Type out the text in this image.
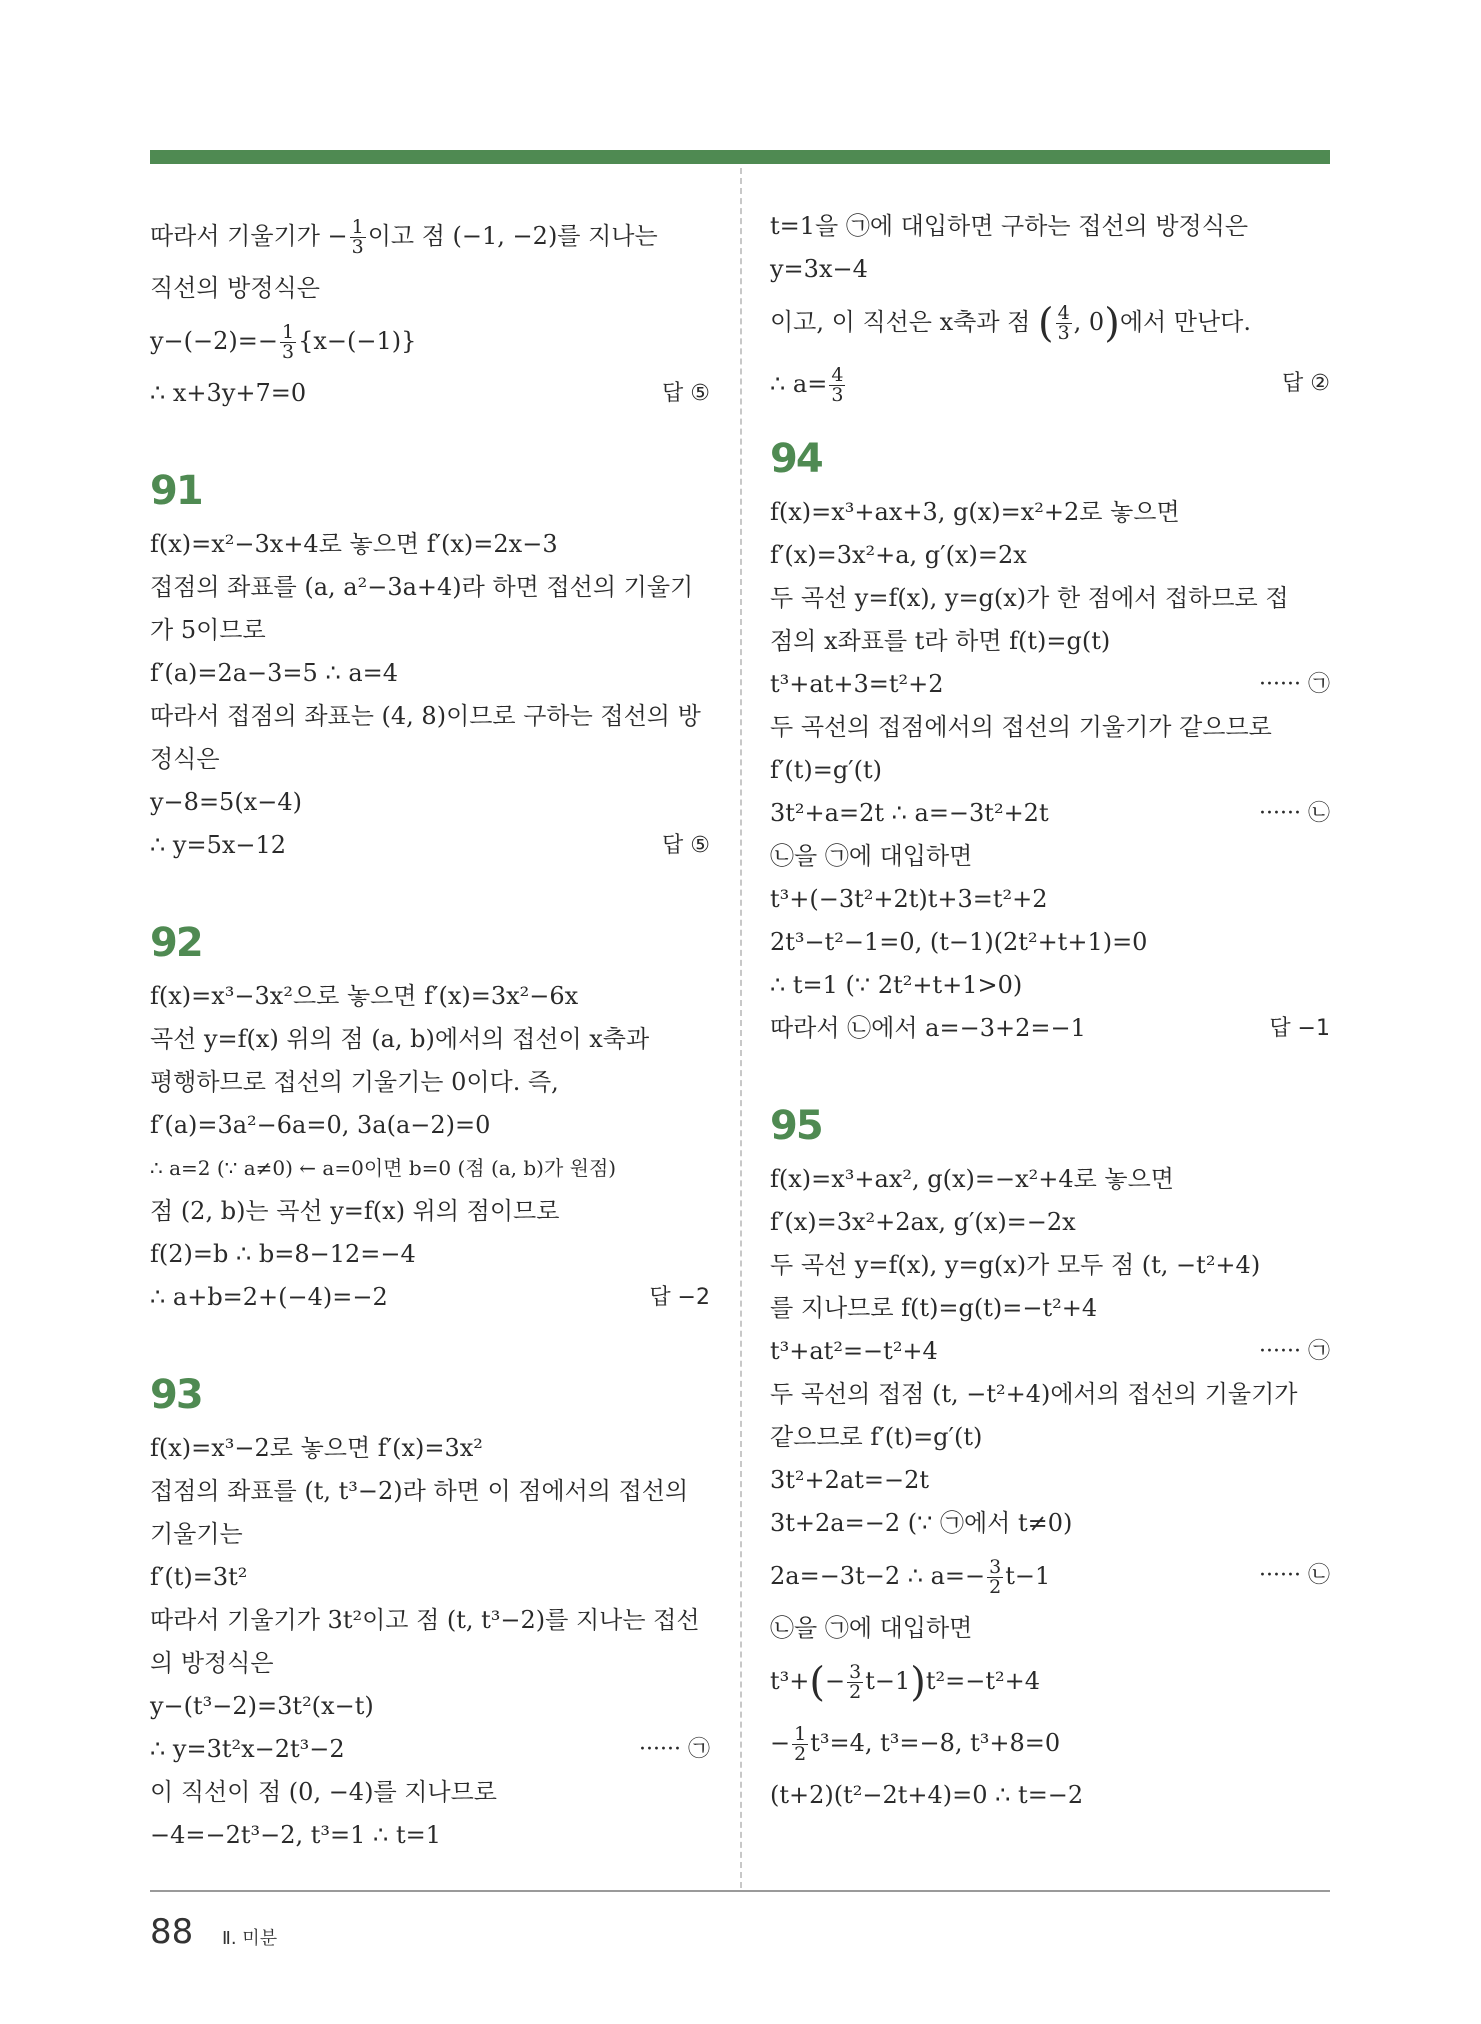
따라서 기울기가 − $\frac{1}{3}$ 이고 점 (−1, −2)를 지나는
직선의 방정식은
$y-(-2)=- \frac{1}{3} \{x-(-1)\}$
∴ x+3y+7=0	답 ⑤
91
f(x)=x²−3x+4로 놓으면 f′(x)=2x−3
접점의 좌표를 (a, a²−3a+4)라 하면 접선의 기울기
가 5이므로
f′(a)=2a−3=5 ∴ a=4
따라서 접점의 좌표는 (4, 8)이므로 구하는 접선의 방
정식은
y−8=5(x−4)
∴ y=5x−12	답 ⑤
92
f(x)=x³−3x²으로 놓으면 f′(x)=3x²−6x
곡선 y=f(x) 위의 점 (a, b)에서의 접선이 x축과
평행하므로 접선의 기울기는 0이다. 즉,
f′(a)=3a²−6a=0, 3a(a−2)=0
∴ a=2 (∵ a≠0) ← a=0이면 b=0 (점 (a, b)가 원점)
점 (2, b)는 곡선 y=f(x) 위의 점이므로
f(2)=b ∴ b=8−12=−4
∴ a+b=2+(−4)=−2	답 −2
93
f(x)=x³−2로 놓으면 f′(x)=3x²
접점의 좌표를 (t, t³−2)라 하면 이 점에서의 접선의
기울기는
f′(t)=3t²
따라서 기울기가 3t²이고 점 (t, t³−2)를 지나는 접선
의 방정식은
y−(t³−2)=3t²(x−t)
∴ y=3t²x−2t³−2	······ ㉠
이 직선이 점 (0, −4)를 지나므로
−4=−2t³−2, t³=1 ∴ t=1
t=1을 ㉠에 대입하면 구하는 접선의 방정식은
y=3x−4
이고, 이 직선은 x축과 점 ( $\frac{4}{3}$ , 0)에서 만난다.
∴ $a= \frac{4}{3}$	답 ②
94
f(x)=x³+ax+3, g(x)=x²+2로 놓으면
f′(x)=3x²+a, g′(x)=2x
두 곡선 y=f(x), y=g(x)가 한 점에서 접하므로 접
점의 x좌표를 t라 하면 f(t)=g(t)
t³+at+3=t²+2	······ ㉠
두 곡선의 접점에서의 접선의 기울기가 같으므로
f′(t)=g′(t)
3t²+a=2t ∴ a=−3t²+2t	······ ㉡
㉡을 ㉠에 대입하면
t³+(−3t²+2t)t+3=t²+2
2t³−t²−1=0, (t−1)(2t²+t+1)=0
∴ t=1 (∵ 2t²+t+1>0)
따라서 ㉡에서 a=−3+2=−1	답 −1
95
f(x)=x³+ax², g(x)=−x²+4로 놓으면
f′(x)=3x²+2ax, g′(x)=−2x
두 곡선 y=f(x), y=g(x)가 모두 점 (t, −t²+4)
를 지나므로 f(t)=g(t)=−t²+4
t³+at²=−t²+4	······ ㉠
두 곡선의 접점 (t, −t²+4)에서의 접선의 기울기가
같으므로 f′(t)=g′(t)
3t²+2at=−2t
3t+2a=−2 (∵ ㉠에서 t≠0)
2a=−3t−2 ∴ $a=- \frac{3}{2} t-1$	······ ㉡
㉡을 ㉠에 대입하면
$t^3+(- \frac{3}{2} t-1)t^2=-t^2+4$
− $\frac{1}{2} t^3=4$, t³=−8, t³+8=0
(t+2)(t²−2t+4)=0 ∴ t=−2
88 Ⅱ. 미분
